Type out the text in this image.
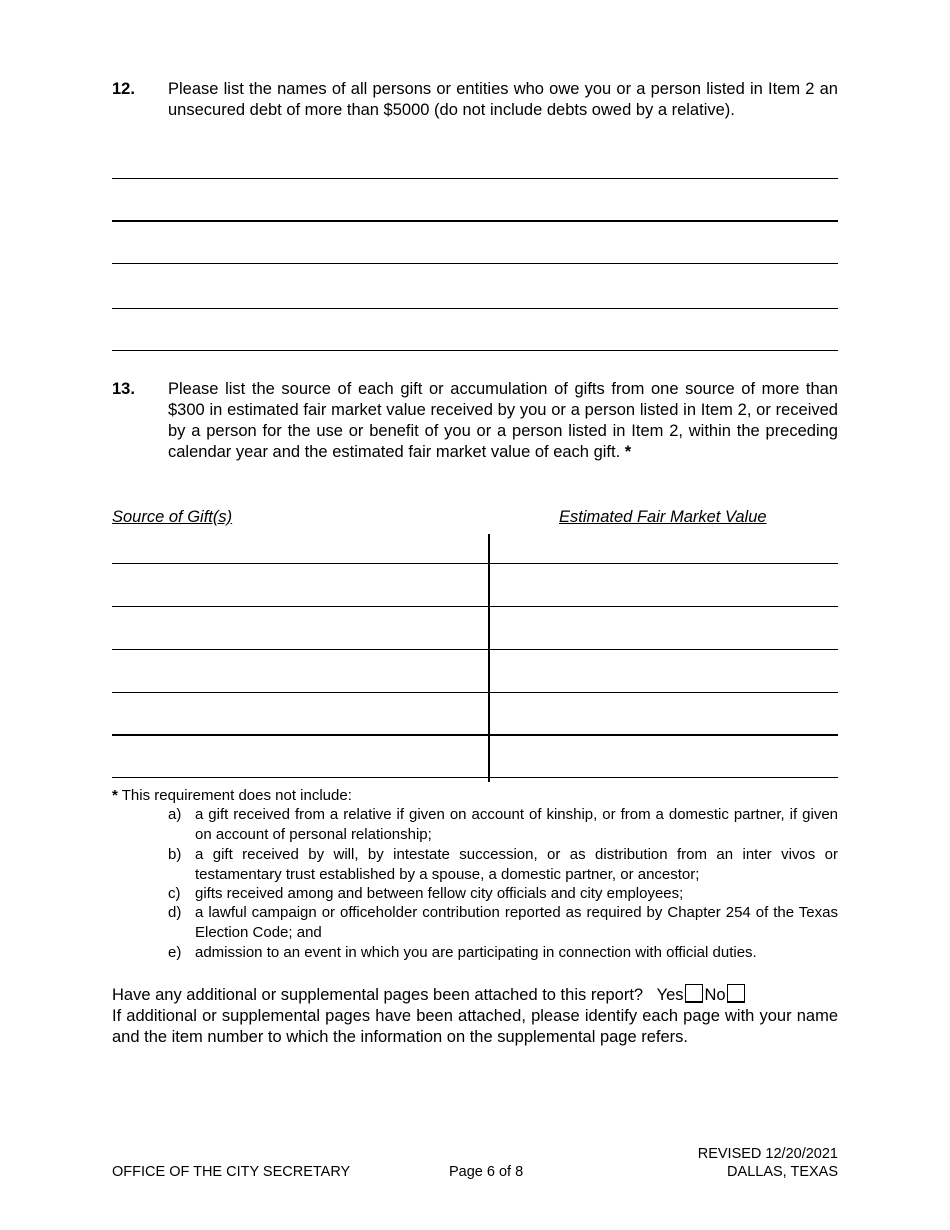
12. Please list the names of all persons or entities who owe you or a person listed in Item 2 an unsecured debt of more than $5000 (do not include debts owed by a relative).
13. Please list the source of each gift or accumulation of gifts from one source of more than $300 in estimated fair market value received by you or a person listed in Item 2, or received by a person for the use or benefit of you or a person listed in Item 2, within the preceding calendar year and the estimated fair market value of each gift. *
Source of Gift(s)	Estimated Fair Market Value
* This requirement does not include:
a) a gift received from a relative if given on account of kinship, or from a domestic partner, if given on account of personal relationship;
b) a gift received by will, by intestate succession, or as distribution from an inter vivos or testamentary trust established by a spouse, a domestic partner, or ancestor;
c) gifts received among and between fellow city officials and city employees;
d) a lawful campaign or officeholder contribution reported as required by Chapter 254 of the Texas Election Code; and
e) admission to an event in which you are participating in connection with official duties.
Have any additional or supplemental pages been attached to this report? Yes No
If additional or supplemental pages have been attached, please identify each page with your name and the item number to which the information on the supplemental page refers.
OFFICE OF THE CITY SECRETARY	Page 6 of 8
REVISED 12/20/2021
DALLAS, TEXAS
